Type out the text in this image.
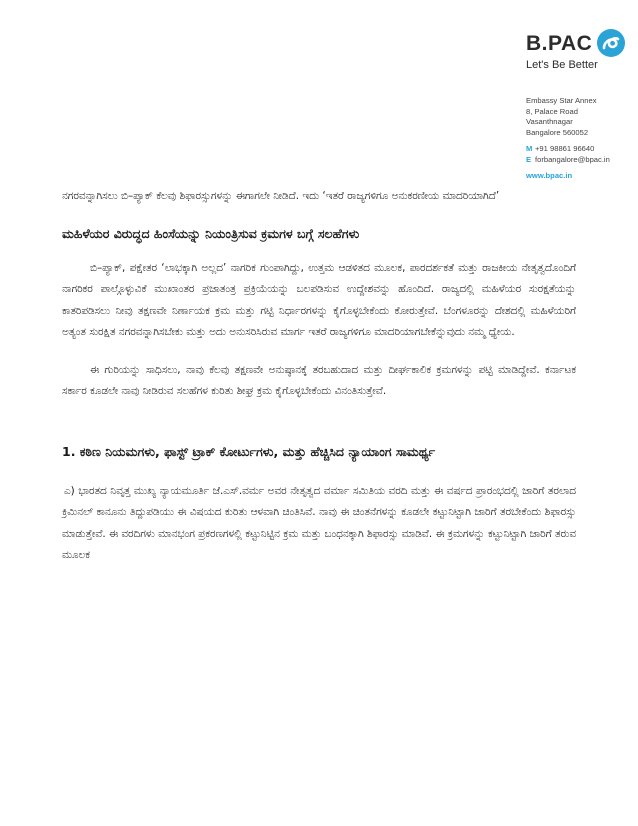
B.PAC
Let's Be Better
Embassy Star Annex
8, Palace Road
Vasanthnagar
Bangalore 560052
M +91 98861 96640
E forbangalore@bpac.in
www.bpac.in

ನಗರವನ್ನಾಗಿಸಲು ಬಿ–ಪ್ಯಾಕ್ ಕೆಲವು ಶಿಫಾರಸ್ಸುಗಳನ್ನು ಈಗಾಗಲೇ ನೀಡಿದೆ. ಇದು ‘ಇತರೆ ರಾಜ್ಯಗಳಿಗೂ ಅನುಕರಣೀಯ ಮಾದರಿಯಾಗಿದೆ’

ಮಹಿಳೆಯರ ವಿರುದ್ಧದ ಹಿಂಸೆಯನ್ನು ನಿಯಂತ್ರಿಸುವ ಕ್ರಮಗಳ ಬಗ್ಗೆ ಸಲಹೆಗಳು

ಬಿ–ಪ್ಯಾಕ್, ಪಕ್ಷೇತರ ‘ಲಾಭಕ್ಕಾಗಿ ಅಲ್ಲದ’ ನಾಗರಿಕ ಗುಂಪಾಗಿದ್ದು, ಉತ್ತಮ ಆಡಳಿತದ ಮೂಲಕ, ಪಾರದರ್ಶಕತೆ ಮತ್ತು ರಾಜಕೀಯ ನೇತೃತ್ವದೊಂದಿಗೆ ನಾಗರಿಕರ ಪಾಲ್ಗೊಳ್ಳುವಿಕೆ ಮುಖಾಂತರ ಪ್ರಜಾತಂತ್ರ ಪ್ರಕ್ರಿಯೆಯನ್ನು ಬಲಪಡಿಸುವ ಉದ್ದೇಶವನ್ನು ಹೊಂದಿದೆ. ರಾಜ್ಯದಲ್ಲಿ ಮಹಿಳೆಯರ ಸುರಕ್ಷತೆಯನ್ನು ಕಾತರಿಪಡಿಸಲು ನೀವು ತಕ್ಷಣವೇ ನಿರ್ಣಾಯಕ ಕ್ರಮ ಮತ್ತು ಗಟ್ಟಿ ನಿರ್ಧಾರಗಳನ್ನು ಕೈಗೊಳ್ಳಬೇಕೆಂದು ಕೋರುತ್ತೇವೆ. ಬೆಂಗಳೂರನ್ನು ದೇಶದಲ್ಲಿ ಮಹಿಳೆಯರಿಗೆ ಅತ್ಯಂತ ಸುರಕ್ಷಿತ ನಗರವನ್ನಾಗಿಸಬೇಕು ಮತ್ತು ಅದು ಅನುಸರಿಸಿರುವ ಮಾರ್ಗ ಇತರೆ ರಾಜ್ಯಗಳಿಗೂ ಮಾದರಿಯಾಗಬೇಕೆನ್ನುವುದು ನಮ್ಮ ಧ್ಯೇಯ.

ಈ ಗುರಿಯನ್ನು ಸಾಧಿಸಲು, ನಾವು ಕೆಲವು ತಕ್ಷಣವೇ ಅನುಷ್ಠಾನಕ್ಕೆ ತರಬಹುದಾದ ಮತ್ತು ದೀರ್ಘಕಾಲಿಕ ಕ್ರಮಗಳನ್ನು ಪಟ್ಟಿ ಮಾಡಿದ್ದೇವೆ. ಕರ್ನಾಟಕ ಸರ್ಕಾರ ಕೂಡಲೇ ನಾವು ನೀಡಿರುವ ಸಲಹೆಗಳ ಕುರಿತು ಶೀಘ್ರ ಕ್ರಮ ಕೈಗೊಳ್ಳಬೇಕೆಂದು ವಿನಂತಿಸುತ್ತೇವೆ.

1. ಕಠಿಣ ನಿಯಮಗಳು, ಫಾಸ್ಟ್ ಟ್ರಾಕ್ ಕೋರ್ಟುಗಳು, ಮತ್ತು ಹೆಚ್ಚಿಸಿದ ನ್ಯಾಯಾಂಗ ಸಾಮರ್ಥ್ಯ

ಎ) ಭಾರತದ ನಿವೃತ್ತ ಮುಖ್ಯ ನ್ಯಾಯಮೂರ್ತಿ ಜೆ.ಎಸ್.ವರ್ಮ ಅವರ ನೇತೃತ್ವದ ವರ್ಮಾ ಸಮಿತಿಯ ವರದಿ ಮತ್ತು ಈ ವರ್ಷದ ಪ್ರಾರಂಭದಲ್ಲಿ ಜಾರಿಗೆ ತರಲಾದ ಕ್ರಿಮಿನಲ್ ಕಾನೂನು ತಿದ್ದುಪಡಿಯು ಈ ವಿಷಯದ ಕುರಿತು ಆಳವಾಗಿ ಚಿಂತಿಸಿವೆ. ನಾವು ಈ ಚಿಂತನೆಗಳನ್ನು ಕೂಡಲೇ ಕಟ್ಟುನಿಟ್ಟಾಗಿ ಜಾರಿಗೆ ತರಬೇಕೆಂದು ಶಿಫಾರಸ್ಸು ಮಾಡುತ್ತೇವೆ. ಈ ವರದಿಗಳು ಮಾನಭಂಗ ಪ್ರಕರಣಗಳಲ್ಲಿ ಕಟ್ಟುನಿಟ್ಟಿನ ಕ್ರಮ ಮತ್ತು ಬಂಧನಕ್ಕಾಗಿ ಶಿಫಾರಸ್ಸು ಮಾಡಿವೆ. ಈ ಕ್ರಮಗಳನ್ನು ಕಟ್ಟುನಿಟ್ಟಾಗಿ ಜಾರಿಗೆ ತರುವ ಮೂಲಕ
